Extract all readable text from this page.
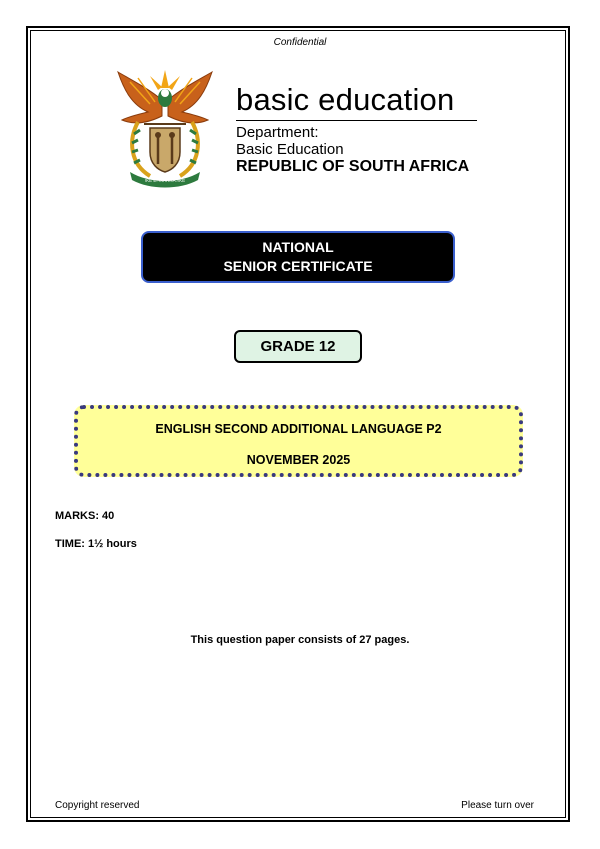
Confidential
!KE E: /XARRA //KE
basic education
Department:
Basic Education
REPUBLIC OF SOUTH AFRICA
NATIONAL
SENIOR CERTIFICATE
GRADE 12
ENGLISH SECOND ADDITIONAL LANGUAGE P2
NOVEMBER 2025
MARKS: 40
TIME: 1½ hours
This question paper consists of 27 pages.
Copyright reserved	Please turn over
